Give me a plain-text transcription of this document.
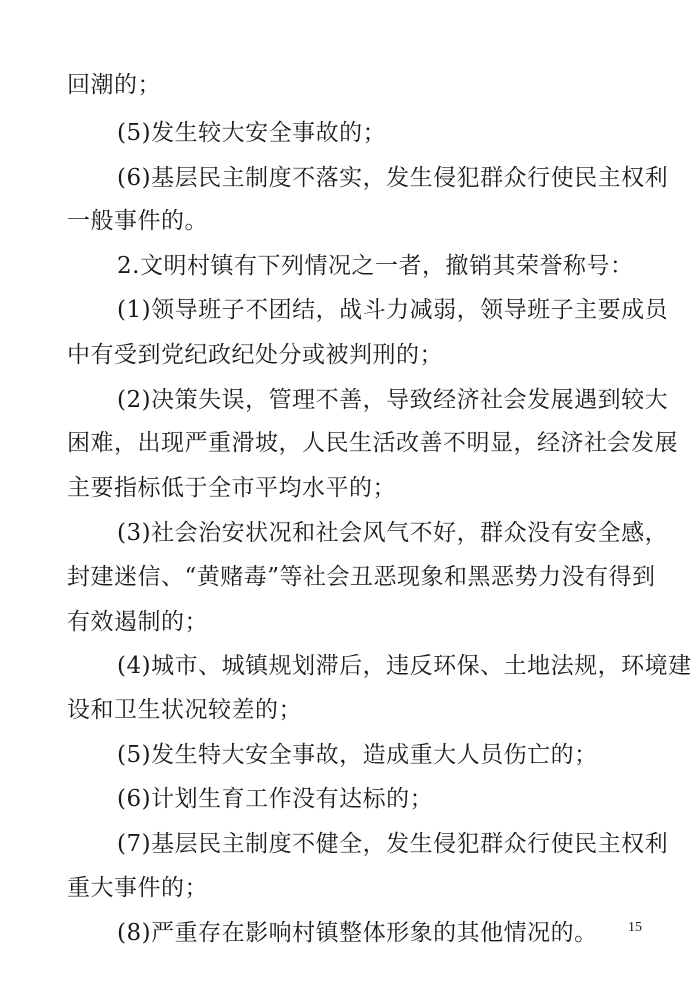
回潮的；
(5)发生较大安全事故的；
(6)基层民主制度不落实，发生侵犯群众行使民主权利
一般事件的。
2.文明村镇有下列情况之一者，撤销其荣誉称号：
(1)领导班子不团结，战斗力减弱，领导班子主要成员
中有受到党纪政纪处分或被判刑的；
(2)决策失误，管理不善，导致经济社会发展遇到较大
困难，出现严重滑坡，人民生活改善不明显，经济社会发展
主要指标低于全市平均水平的；
(3)社会治安状况和社会风气不好，群众没有安全感，
封建迷信、“黄赌毒”等社会丑恶现象和黑恶势力没有得到
有效遏制的；
(4)城市、城镇规划滞后，违反环保、土地法规，环境建
设和卫生状况较差的；
(5)发生特大安全事故，造成重大人员伤亡的；
(6)计划生育工作没有达标的；
(7)基层民主制度不健全，发生侵犯群众行使民主权利
重大事件的；
(8)严重存在影响村镇整体形象的其他情况的。 15
